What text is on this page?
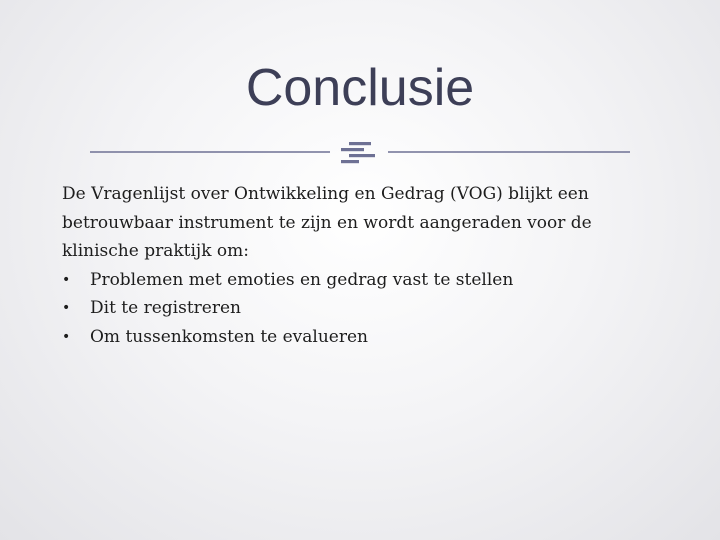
Conclusie

De Vragenlijst over Ontwikkeling en Gedrag (VOG) blijkt een betrouwbaar instrument te zijn en wordt aangeraden voor de klinische praktijk om:

• Problemen met emoties en gedrag vast te stellen
• Dit te registreren
• Om tussenkomsten te evalueren
